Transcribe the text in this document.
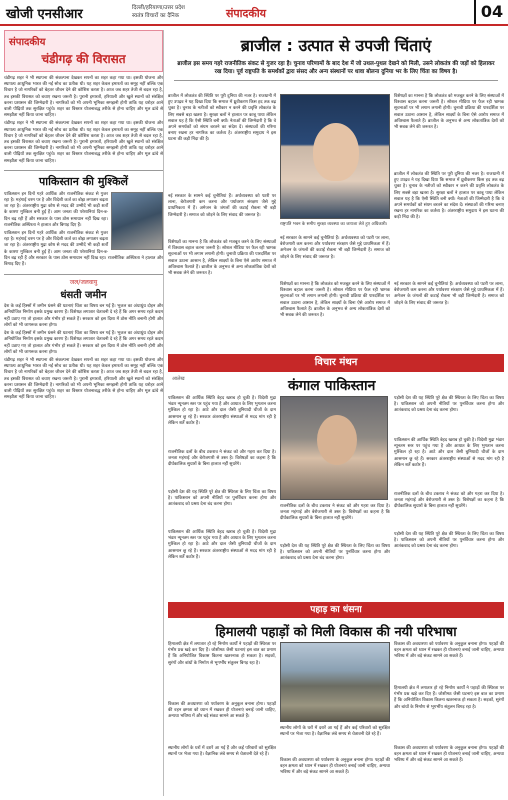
खोजी एनसीआर	दिल्ली/हरियाणा/उत्तर प्रदेश
स्वतंत्र विचारों का दैनिक	संपादकीय	04
संपादकीय
चंडीगढ़ की विरासत
चंडीगढ़ शहर ने भी स्थापना की संकल्पना देखकर सपनों का शहर कहा गया था। इसकी योजना और स्थापत्य आधुनिक भारत की नई सोच का प्रतीक थी। यह शहर केवल इमारतों का समूह नहीं बल्कि एक विचार है जो नागरिकों को बेहतर जीवन देने की कोशिश करता है। आज जब शहर तेजी से बदल रहा है, तब इसकी विरासत को बचाए रखना जरूरी है। पुरानी इमारतों, हरियाली और खुले स्थानों को संरक्षित करना प्रशासन की जिम्मेदारी है। नागरिकों को भी अपनी भूमिका समझनी होगी ताकि यह धरोहर आने वाली पीढ़ियों तक सुरक्षित पहुंचे। शहर का विस्तार योजनाबद्ध तरीके से होना चाहिए और मूल ढांचे से समझौता नहीं किया जाना चाहिए।
चंडीगढ़ शहर ने भी स्थापना की संकल्पना देखकर सपनों का शहर कहा गया था। इसकी योजना और स्थापत्य आधुनिक भारत की नई सोच का प्रतीक थी। यह शहर केवल इमारतों का समूह नहीं बल्कि एक विचार है जो नागरिकों को बेहतर जीवन देने की कोशिश करता है। आज जब शहर तेजी से बदल रहा है, तब इसकी विरासत को बचाए रखना जरूरी है। पुरानी इमारतों, हरियाली और खुले स्थानों को संरक्षित करना प्रशासन की जिम्मेदारी है। नागरिकों को भी अपनी भूमिका समझनी होगी ताकि यह धरोहर आने वाली पीढ़ियों तक सुरक्षित पहुंचे। शहर का विस्तार योजनाबद्ध तरीके से होना चाहिए और मूल ढांचे से समझौता नहीं किया जाना चाहिए।
पाकिस्तान की मुश्किलें
पाकिस्तान इन दिनों गहरे आर्थिक और राजनीतिक संकट से गुजर रहा है। महंगाई चरम पर है और विदेशी कर्ज का बोझ लगातार बढ़ता जा रहा है। अंतरराष्ट्रीय मुद्रा कोष से मदद की उम्मीदें भी कड़ी शर्तों के कारण मुश्किल बनी हुई हैं। आम जनता की परेशानियां दिन-ब-दिन बढ़ रही हैं और सरकार के पास ठोस समाधान नहीं दिख रहा। राजनीतिक अस्थिरता ने हालात और बिगाड़ दिए हैं।
पाकिस्तान इन दिनों गहरे आर्थिक और राजनीतिक संकट से गुजर रहा है। महंगाई चरम पर है और विदेशी कर्ज का बोझ लगातार बढ़ता जा रहा है। अंतरराष्ट्रीय मुद्रा कोष से मदद की उम्मीदें भी कड़ी शर्तों के कारण मुश्किल बनी हुई हैं। आम जनता की परेशानियां दिन-ब-दिन बढ़ रही हैं और सरकार के पास ठोस समाधान नहीं दिख रहा। राजनीतिक अस्थिरता ने हालात और बिगाड़ दिए हैं।
जल/जलवायु
धंसती जमीन
देश के कई हिस्सों में जमीन धंसने की घटनाएं चिंता का विषय बन गई हैं। भूजल का अंधाधुंध दोहन और अनियोजित निर्माण इसके प्रमुख कारण हैं। विशेषज्ञ लगातार चेतावनी दे रहे हैं कि अगर समय रहते कदम नहीं उठाए गए तो हालात और गंभीर हो सकते हैं। सरकार को इस दिशा में ठोस नीति बनानी होगी और लोगों को भी जागरूक करना होगा।
देश के कई हिस्सों में जमीन धंसने की घटनाएं चिंता का विषय बन गई हैं। भूजल का अंधाधुंध दोहन और अनियोजित निर्माण इसके प्रमुख कारण हैं। विशेषज्ञ लगातार चेतावनी दे रहे हैं कि अगर समय रहते कदम नहीं उठाए गए तो हालात और गंभीर हो सकते हैं। सरकार को इस दिशा में ठोस नीति बनानी होगी और लोगों को भी जागरूक करना होगा।
चंडीगढ़ शहर ने भी स्थापना की संकल्पना देखकर सपनों का शहर कहा गया था। इसकी योजना और स्थापत्य आधुनिक भारत की नई सोच का प्रतीक थी। यह शहर केवल इमारतों का समूह नहीं बल्कि एक विचार है जो नागरिकों को बेहतर जीवन देने की कोशिश करता है। आज जब शहर तेजी से बदल रहा है, तब इसकी विरासत को बचाए रखना जरूरी है। पुरानी इमारतों, हरियाली और खुले स्थानों को संरक्षित करना प्रशासन की जिम्मेदारी है। नागरिकों को भी अपनी भूमिका समझनी होगी ताकि यह धरोहर आने वाली पीढ़ियों तक सुरक्षित पहुंचे। शहर का विस्तार योजनाबद्ध तरीके से होना चाहिए और मूल ढांचे से समझौता नहीं किया जाना चाहिए।
ब्राजील : उत्पात से उपजी चिंताएं
ब्राजील इस समय गहरे राजनीतिक संकट से गुजर रहा है। चुनाव परिणामों के बाद देश में जो उथल-पुथल देखने को मिली, उसने लोकतंत्र की जड़ों को हिलाकर रख दिया। पूर्व राष्ट्रपति के समर्थकों द्वारा संसद और अन्य संस्थानों पर धावा बोलना दुनिया भर के लिए चिंता का विषय है।
ब्राजील में लोकतंत्र की स्थिति पर पूरी दुनिया की नजर है। राजधानी में हुए उपद्रव ने यह दिखा दिया कि समाज में ध्रुवीकरण किस हद तक बढ़ चुका है। चुनाव के नतीजों को स्वीकार न करने की प्रवृत्ति लोकतंत्र के लिए सबसे बड़ा खतरा है। सुरक्षा बलों ने हालात पर काबू पाया लेकिन सवाल यह है कि ऐसी स्थिति बनी क्यों। नेताओं की जिम्मेदारी है कि वे अपने समर्थकों को संयम बरतने का संदेश दें। संस्थाओं की गरिमा बनाए रखना हर नागरिक का कर्तव्य है। अंतरराष्ट्रीय समुदाय ने इस घटना की कड़ी निंदा की है।
नई सरकार के सामने कई चुनौतियां हैं। अर्थव्यवस्था को पटरी पर लाना, बेरोजगारी कम करना और पर्यावरण संरक्षण जैसे मुद्दे प्राथमिकता में हैं। अमेजन के जंगलों की कटाई रोकना भी बड़ी जिम्मेदारी है। समाज को जोड़ने के लिए संवाद की जरूरत है।
विशेषज्ञों का मानना है कि लोकतंत्र को मजबूत करने के लिए संस्थाओं में विश्वास बहाल करना जरूरी है। सोशल मीडिया पर फैल रही भ्रामक सूचनाओं पर भी लगाम लगानी होगी। चुनावी प्रक्रिया की पारदर्शिता पर सवाल उठाना आसान है, लेकिन साक्ष्यों के बिना ऐसे आरोप समाज में अविश्वास फैलाते हैं। ब्राजील के अनुभव से अन्य लोकतांत्रिक देशों को भी सबक लेने की जरूरत है।
राष्ट्रपति भवन के समीप सुरक्षा व्यवस्था का जायजा लेते हुए अधिकारी।
नई सरकार के सामने कई चुनौतियां हैं। अर्थव्यवस्था को पटरी पर लाना, बेरोजगारी कम करना और पर्यावरण संरक्षण जैसे मुद्दे प्राथमिकता में हैं। अमेजन के जंगलों की कटाई रोकना भी बड़ी जिम्मेदारी है। समाज को जोड़ने के लिए संवाद की जरूरत है।
विशेषज्ञों का मानना है कि लोकतंत्र को मजबूत करने के लिए संस्थाओं में विश्वास बहाल करना जरूरी है। सोशल मीडिया पर फैल रही भ्रामक सूचनाओं पर भी लगाम लगानी होगी। चुनावी प्रक्रिया की पारदर्शिता पर सवाल उठाना आसान है, लेकिन साक्ष्यों के बिना ऐसे आरोप समाज में अविश्वास फैलाते हैं। ब्राजील के अनुभव से अन्य लोकतांत्रिक देशों को भी सबक लेने की जरूरत है।
विशेषज्ञों का मानना है कि लोकतंत्र को मजबूत करने के लिए संस्थाओं में विश्वास बहाल करना जरूरी है। सोशल मीडिया पर फैल रही भ्रामक सूचनाओं पर भी लगाम लगानी होगी। चुनावी प्रक्रिया की पारदर्शिता पर सवाल उठाना आसान है, लेकिन साक्ष्यों के बिना ऐसे आरोप समाज में अविश्वास फैलाते हैं। ब्राजील के अनुभव से अन्य लोकतांत्रिक देशों को भी सबक लेने की जरूरत है।
ब्राजील में लोकतंत्र की स्थिति पर पूरी दुनिया की नजर है। राजधानी में हुए उपद्रव ने यह दिखा दिया कि समाज में ध्रुवीकरण किस हद तक बढ़ चुका है। चुनाव के नतीजों को स्वीकार न करने की प्रवृत्ति लोकतंत्र के लिए सबसे बड़ा खतरा है। सुरक्षा बलों ने हालात पर काबू पाया लेकिन सवाल यह है कि ऐसी स्थिति बनी क्यों। नेताओं की जिम्मेदारी है कि वे अपने समर्थकों को संयम बरतने का संदेश दें। संस्थाओं की गरिमा बनाए रखना हर नागरिक का कर्तव्य है। अंतरराष्ट्रीय समुदाय ने इस घटना की कड़ी निंदा की है।
नई सरकार के सामने कई चुनौतियां हैं। अर्थव्यवस्था को पटरी पर लाना, बेरोजगारी कम करना और पर्यावरण संरक्षण जैसे मुद्दे प्राथमिकता में हैं। अमेजन के जंगलों की कटाई रोकना भी बड़ी जिम्मेदारी है। समाज को जोड़ने के लिए संवाद की जरूरत है।
विचार मंथन
आलेख	कंगाल पाकिस्तान
पाकिस्तान की आर्थिक स्थिति बेहद खराब हो चुकी है। विदेशी मुद्रा भंडार न्यूनतम स्तर पर पहुंच गया है और आयात के लिए भुगतान करना मुश्किल हो रहा है। आटे और दाल जैसी बुनियादी चीजों के दाम आसमान छू रहे हैं। सरकार अंतरराष्ट्रीय संस्थाओं से मदद मांग रही है लेकिन शर्तें कठोर हैं।
राजनीतिक दलों के बीच टकराव ने संकट को और गहरा कर दिया है। जनता महंगाई और बेरोजगारी से त्रस्त है। विशेषज्ञों का कहना है कि दीर्घकालिक सुधारों के बिना हालात नहीं सुधरेंगे।
पड़ोसी देश की यह स्थिति पूरे क्षेत्र की स्थिरता के लिए चिंता का विषय है। पाकिस्तान को अपनी नीतियों पर पुनर्विचार करना होगा और आतंकवाद को प्रश्रय देना बंद करना होगा।
पाकिस्तान की आर्थिक स्थिति बेहद खराब हो चुकी है। विदेशी मुद्रा भंडार न्यूनतम स्तर पर पहुंच गया है और आयात के लिए भुगतान करना मुश्किल हो रहा है। आटे और दाल जैसी बुनियादी चीजों के दाम आसमान छू रहे हैं। सरकार अंतरराष्ट्रीय संस्थाओं से मदद मांग रही है लेकिन शर्तें कठोर हैं।
राजनीतिक दलों के बीच टकराव ने संकट को और गहरा कर दिया है। जनता महंगाई और बेरोजगारी से त्रस्त है। विशेषज्ञों का कहना है कि दीर्घकालिक सुधारों के बिना हालात नहीं सुधरेंगे।
पड़ोसी देश की यह स्थिति पूरे क्षेत्र की स्थिरता के लिए चिंता का विषय है। पाकिस्तान को अपनी नीतियों पर पुनर्विचार करना होगा और आतंकवाद को प्रश्रय देना बंद करना होगा।
पड़ोसी देश की यह स्थिति पूरे क्षेत्र की स्थिरता के लिए चिंता का विषय है। पाकिस्तान को अपनी नीतियों पर पुनर्विचार करना होगा और आतंकवाद को प्रश्रय देना बंद करना होगा।
पाकिस्तान की आर्थिक स्थिति बेहद खराब हो चुकी है। विदेशी मुद्रा भंडार न्यूनतम स्तर पर पहुंच गया है और आयात के लिए भुगतान करना मुश्किल हो रहा है। आटे और दाल जैसी बुनियादी चीजों के दाम आसमान छू रहे हैं। सरकार अंतरराष्ट्रीय संस्थाओं से मदद मांग रही है लेकिन शर्तें कठोर हैं।
राजनीतिक दलों के बीच टकराव ने संकट को और गहरा कर दिया है। जनता महंगाई और बेरोजगारी से त्रस्त है। विशेषज्ञों का कहना है कि दीर्घकालिक सुधारों के बिना हालात नहीं सुधरेंगे।
पड़ोसी देश की यह स्थिति पूरे क्षेत्र की स्थिरता के लिए चिंता का विषय है। पाकिस्तान को अपनी नीतियों पर पुनर्विचार करना होगा और आतंकवाद को प्रश्रय देना बंद करना होगा।
पहाड़ का धंसना
हिमालयी पहाड़ों को मिली विकास की नयी परिभाषा
हिमालयी क्षेत्र में लगातार हो रहे निर्माण कार्यों ने पहाड़ों की स्थिरता पर गंभीर प्रश्न खड़े कर दिए हैं। जोशीमठ जैसी घटनाएं इस बात का प्रमाण हैं कि अनियोजित विकास कितना खतरनाक हो सकता है। सड़कों, सुरंगों और बांधों के निर्माण से भूगर्भीय संतुलन बिगड़ रहा है।
विकास की अवधारणा को पर्यावरण के अनुकूल बनाना होगा। पहाड़ों की वहन क्षमता को ध्यान में रखकर ही योजनाएं बनाई जानी चाहिए, अन्यथा भविष्य में और बड़े संकट सामने आ सकते हैं।
स्थानीय लोगों के घरों में दरारें आ गई हैं और कई परिवारों को सुरक्षित स्थानों पर भेजा गया है। वैज्ञानिक लंबे समय से चेतावनी देते रहे हैं।
स्थानीय लोगों के घरों में दरारें आ गई हैं और कई परिवारों को सुरक्षित स्थानों पर भेजा गया है। वैज्ञानिक लंबे समय से चेतावनी देते रहे हैं।
विकास की अवधारणा को पर्यावरण के अनुकूल बनाना होगा। पहाड़ों की वहन क्षमता को ध्यान में रखकर ही योजनाएं बनाई जानी चाहिए, अन्यथा भविष्य में और बड़े संकट सामने आ सकते हैं।
विकास की अवधारणा को पर्यावरण के अनुकूल बनाना होगा। पहाड़ों की वहन क्षमता को ध्यान में रखकर ही योजनाएं बनाई जानी चाहिए, अन्यथा भविष्य में और बड़े संकट सामने आ सकते हैं।
हिमालयी क्षेत्र में लगातार हो रहे निर्माण कार्यों ने पहाड़ों की स्थिरता पर गंभीर प्रश्न खड़े कर दिए हैं। जोशीमठ जैसी घटनाएं इस बात का प्रमाण हैं कि अनियोजित विकास कितना खतरनाक हो सकता है। सड़कों, सुरंगों और बांधों के निर्माण से भूगर्भीय संतुलन बिगड़ रहा है।
विकास की अवधारणा को पर्यावरण के अनुकूल बनाना होगा। पहाड़ों की वहन क्षमता को ध्यान में रखकर ही योजनाएं बनाई जानी चाहिए, अन्यथा भविष्य में और बड़े संकट सामने आ सकते हैं।
